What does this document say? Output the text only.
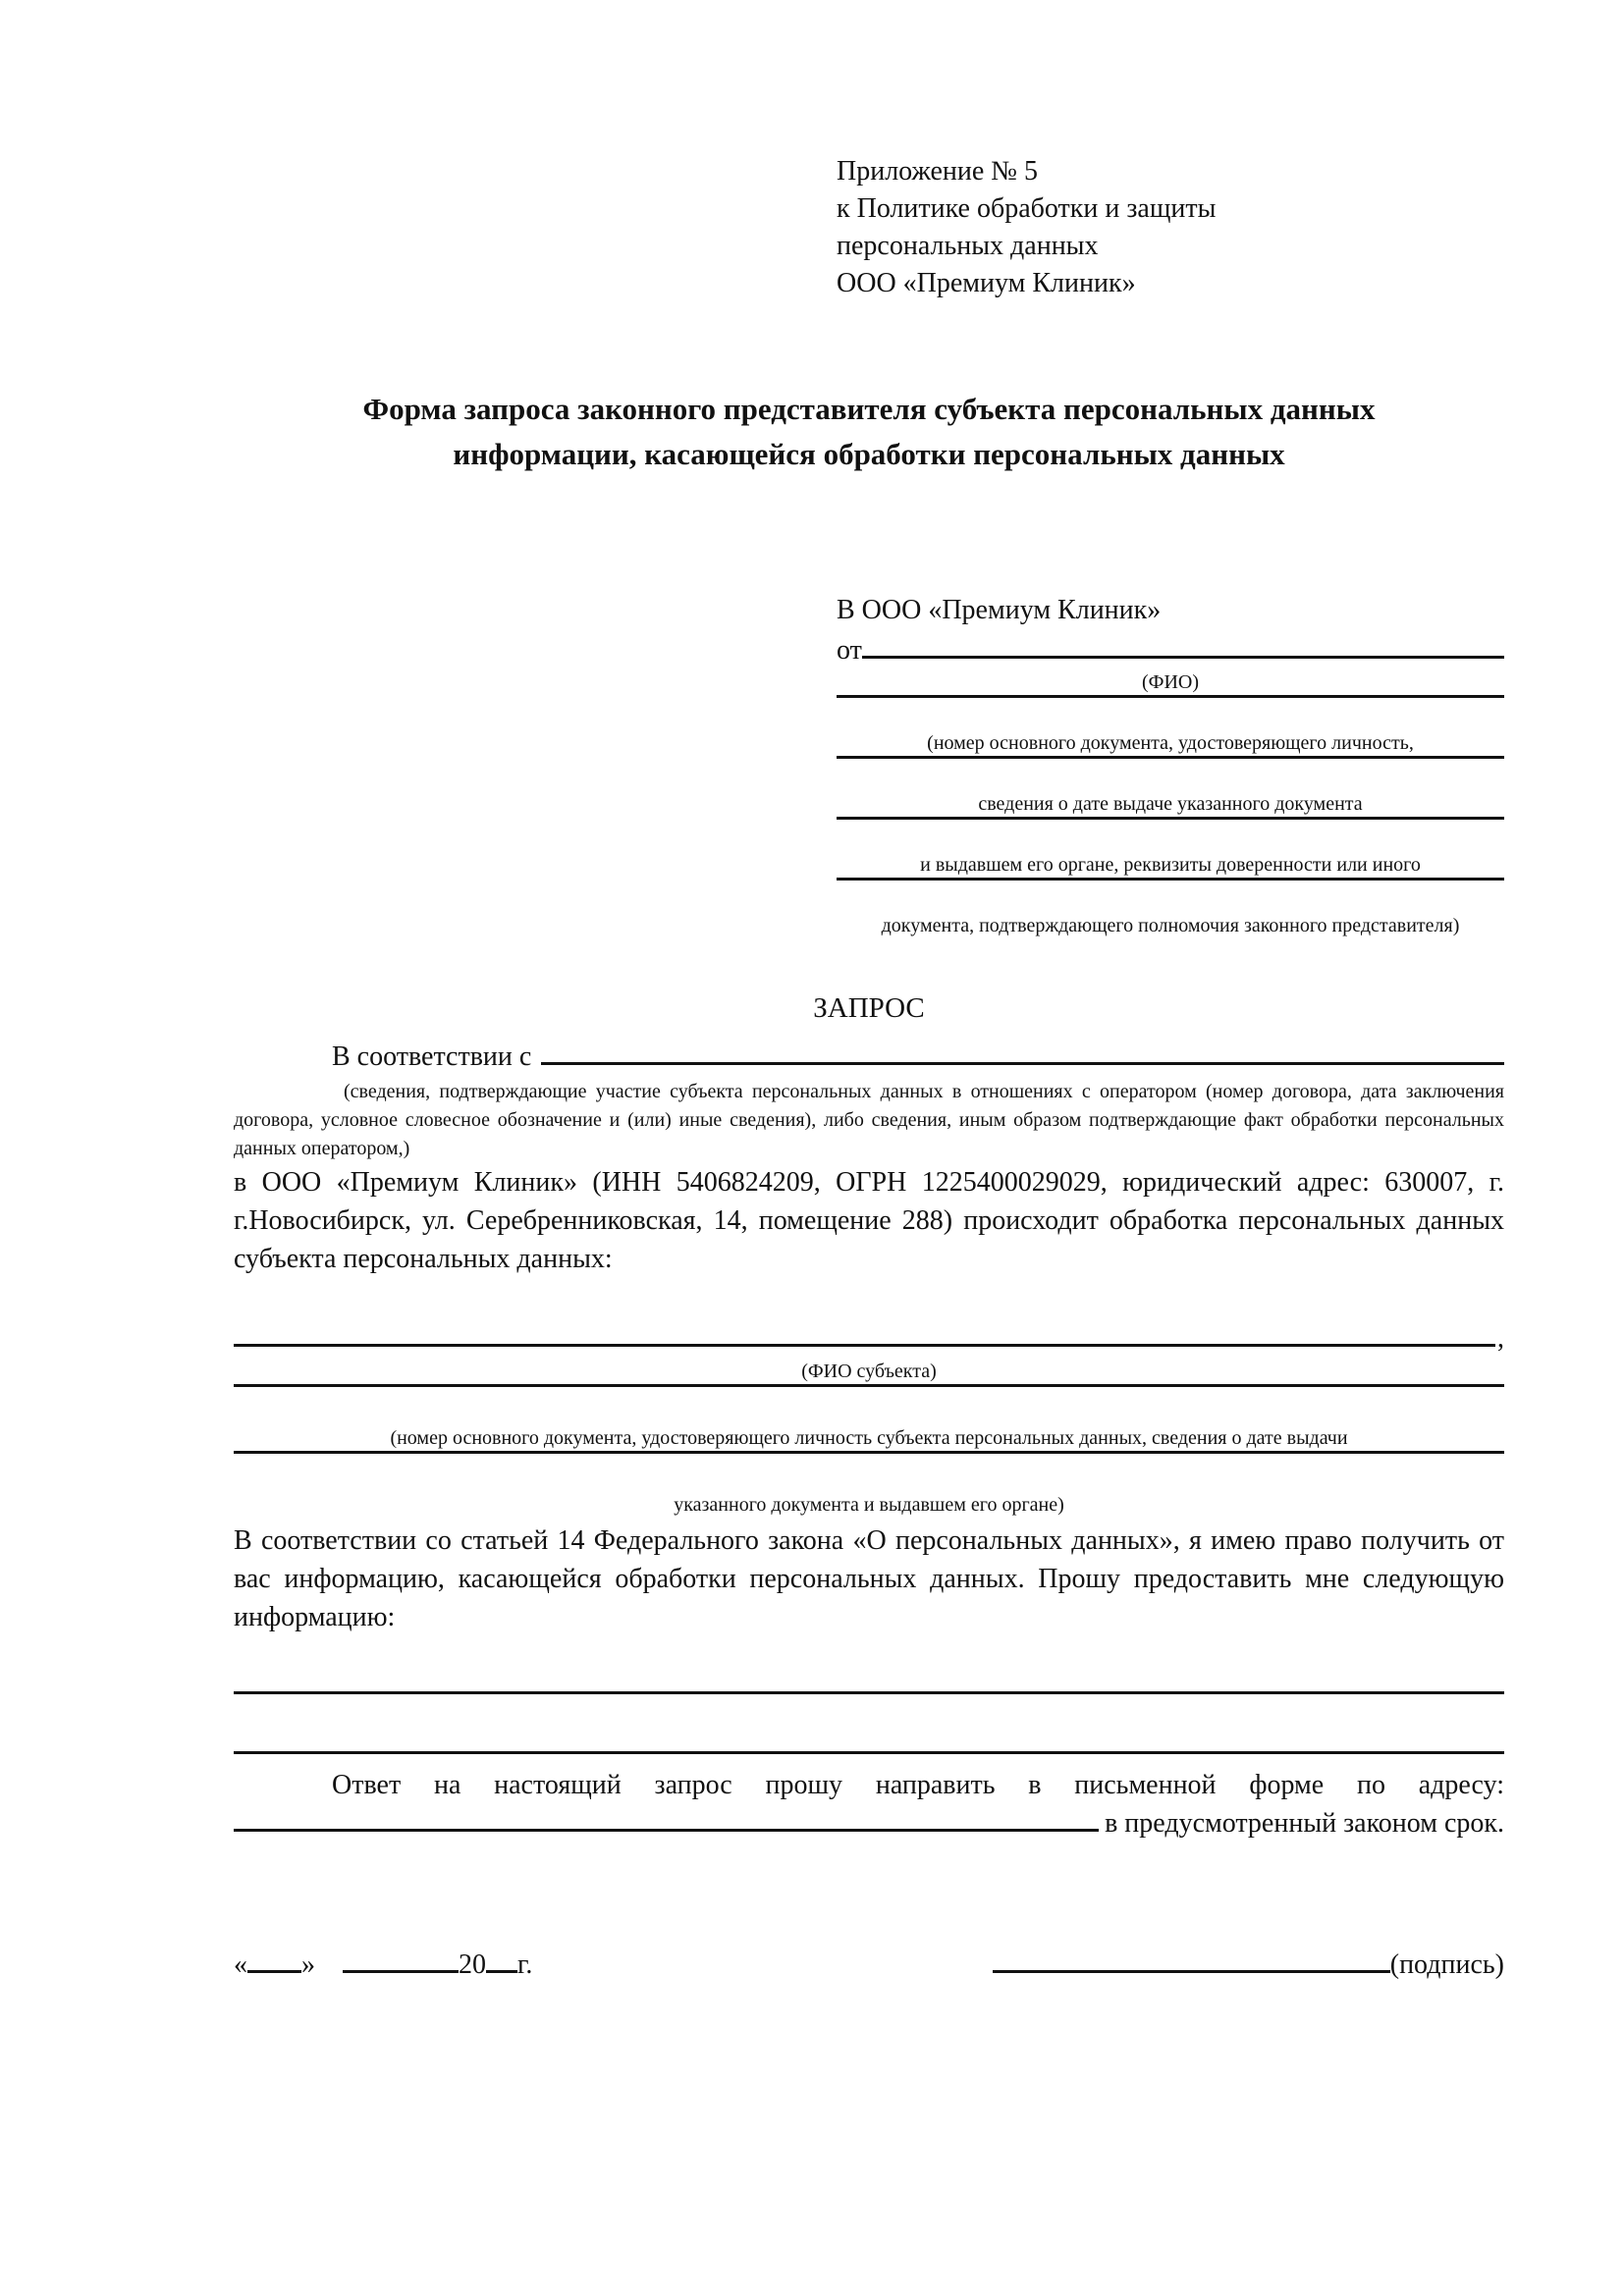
Приложение № 5
к Политике обработки и защиты
персональных данных
ООО «Премиум Клиник»
Форма запроса законного представителя субъекта персональных данных
информации, касающейся обработки персональных данных
В ООО «Премиум Клиник»
от
(ФИО)
(номер основного документа, удостоверяющего личность,
сведения о дате выдаче указанного документа
и выдавшем его органе, реквизиты доверенности или иного
документа, подтверждающего полномочия законного представителя)
ЗАПРОС
В соответствии с
(сведения, подтверждающие участие субъекта персональных данных в отношениях с оператором (номер договора, дата заключения договора, условное словесное обозначение и (или) иные сведения), либо сведения, иным образом подтверждающие факт обработки персональных данных оператором,)

в ООО «Премиум Клиник» (ИНН 5406824209, ОГРН 1225400029029, юридический адрес: 630007, г. г.Новосибирск, ул. Серебренниковская, 14, помещение 288) происходит обработка персональных данных субъекта персональных данных:

,
(ФИО субъекта)
(номер основного документа, удостоверяющего личность субъекта персональных данных, сведения о дате выдачи
указанного документа и выдавшем его органе)

В соответствии со статьей 14 Федерального закона «О персональных данных», я имею право получить от вас информацию, касающейся обработки персональных данных. Прошу предоставить мне следующую информацию:

Ответ на настоящий запрос прошу направить в письменной форме по адресу:

в предусмотренный законом срок.
« »	20 г.	(подпись)
